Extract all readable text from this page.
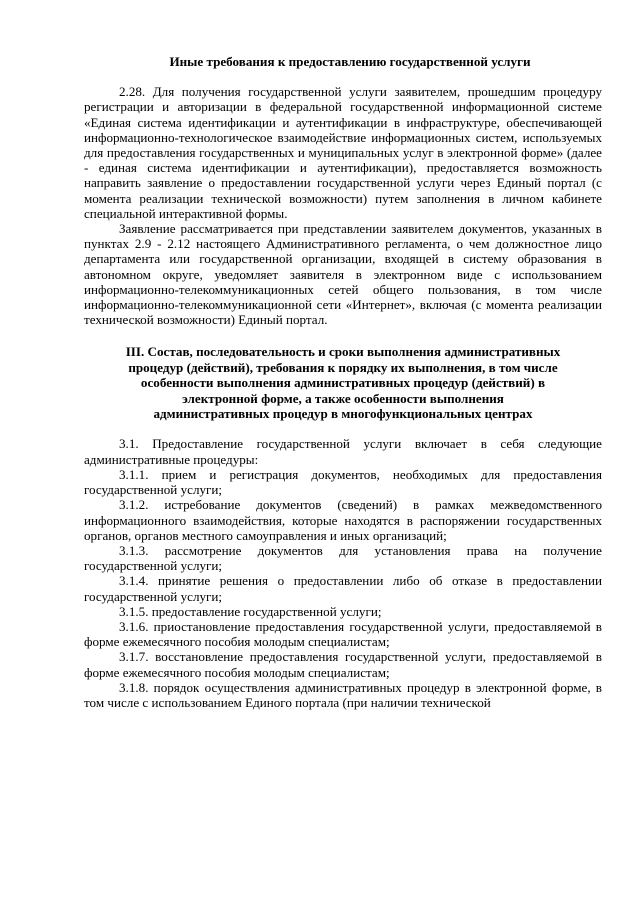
Иные требования к предоставлению государственной услуги

2.28. Для получения государственной услуги заявителем, прошедшим процедуру регистрации и авторизации в федеральной государственной информационной системе «Единая система идентификации и аутентификации в инфраструктуре, обеспечивающей информационно-технологическое взаимодействие информационных систем, используемых для предоставления государственных и муниципальных услуг в электронной форме» (далее - единая система идентификации и аутентификации), предоставляется возможность направить заявление о предоставлении государственной услуги через Единый портал (с момента реализации технической возможности) путем заполнения в личном кабинете специальной интерактивной формы.

Заявление рассматривается при представлении заявителем документов, указанных в пунктах 2.9 - 2.12 настоящего Административного регламента, о чем должностное лицо департамента или государственной организации, входящей в систему образования в автономном округе, уведомляет заявителя в электронном виде с использованием информационно-телекоммуникационных сетей общего пользования, в том числе информационно-телекоммуникационной сети «Интернет», включая (с момента реализации технической возможности) Единый портал.

III. Состав, последовательность и сроки выполнения административных процедур (действий), требования к порядку их выполнения, в том числе особенности выполнения административных процедур (действий) в электронной форме, а также особенности выполнения административных процедур в многофункциональных центрах

3.1. Предоставление государственной услуги включает в себя следующие административные процедуры:

3.1.1. прием и регистрация документов, необходимых для предоставления государственной услуги;

3.1.2. истребование документов (сведений) в рамках межведомственного информационного взаимодействия, которые находятся в распоряжении государственных органов, органов местного самоуправления и иных организаций;

3.1.3. рассмотрение документов для установления права на получение государственной услуги;

3.1.4. принятие решения о предоставлении либо об отказе в предоставлении государственной услуги;

3.1.5. предоставление государственной услуги;

3.1.6. приостановление предоставления государственной услуги, предоставляемой в форме ежемесячного пособия молодым специалистам;

3.1.7. восстановление предоставления государственной услуги, предоставляемой в форме ежемесячного пособия молодым специалистам;

3.1.8. порядок осуществления административных процедур в электронной форме, в том числе с использованием Единого портала (при наличии технической
